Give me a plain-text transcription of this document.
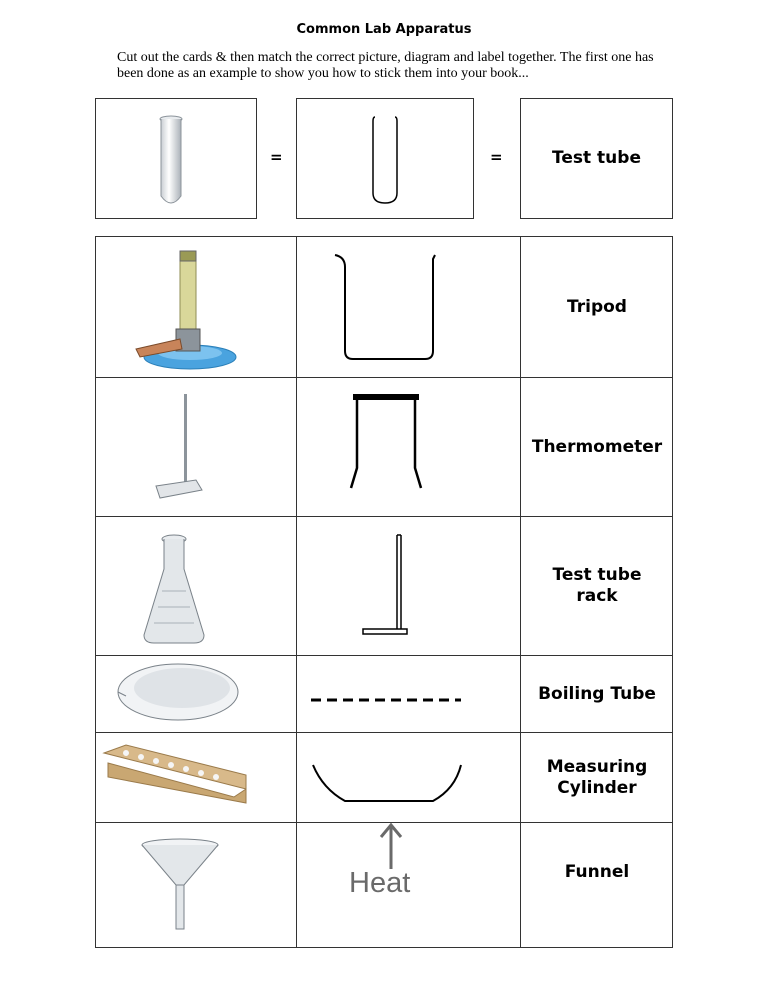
Common Lab Apparatus
Cut out the cards & then match the correct picture, diagram and label together. The first one has been done as an example to show you how to stick them into your book...
=	=	Test tube
Tripod
Thermometer
Test tube rack
Boiling Tube
Measuring Cylinder
Heat	Funnel
